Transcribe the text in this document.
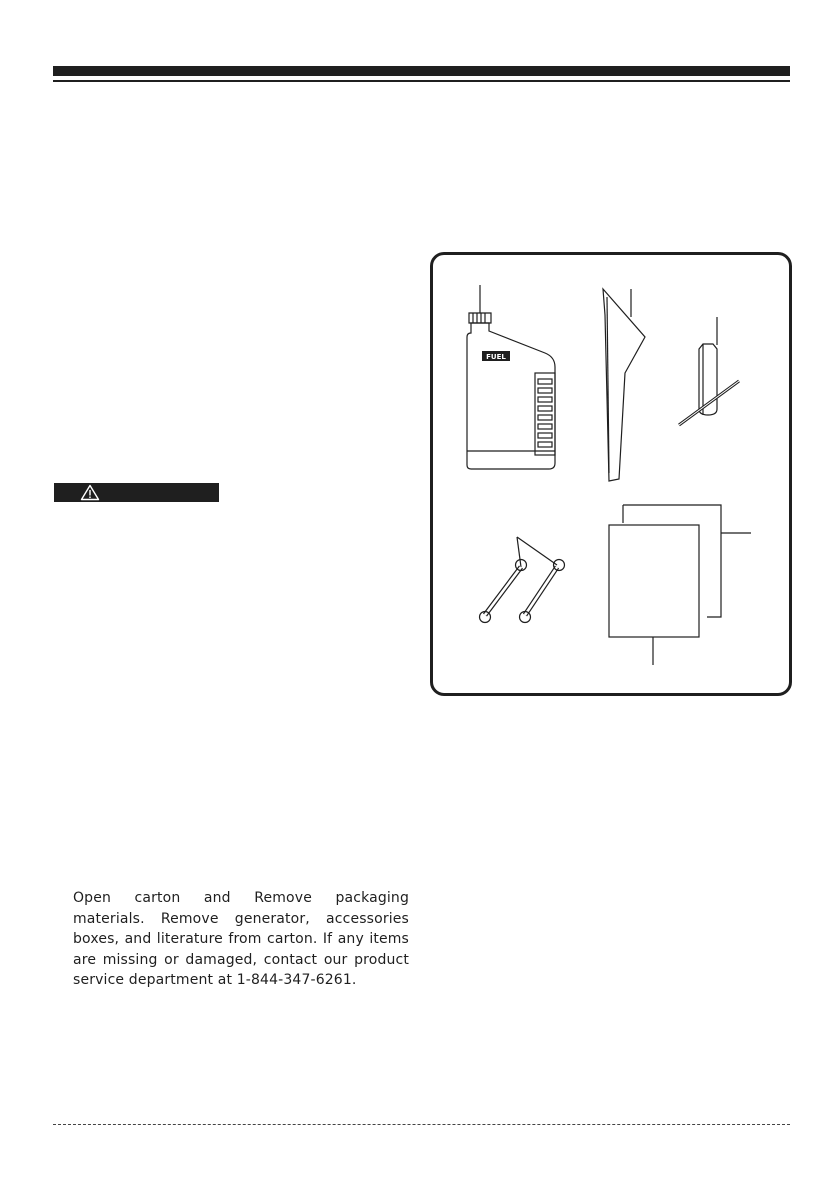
FUEL

Open carton and Remove packaging materials. Remove generator, accessories boxes, and literature from carton. If any items are missing or damaged, contact our product service department at 1-844-347-6261.
